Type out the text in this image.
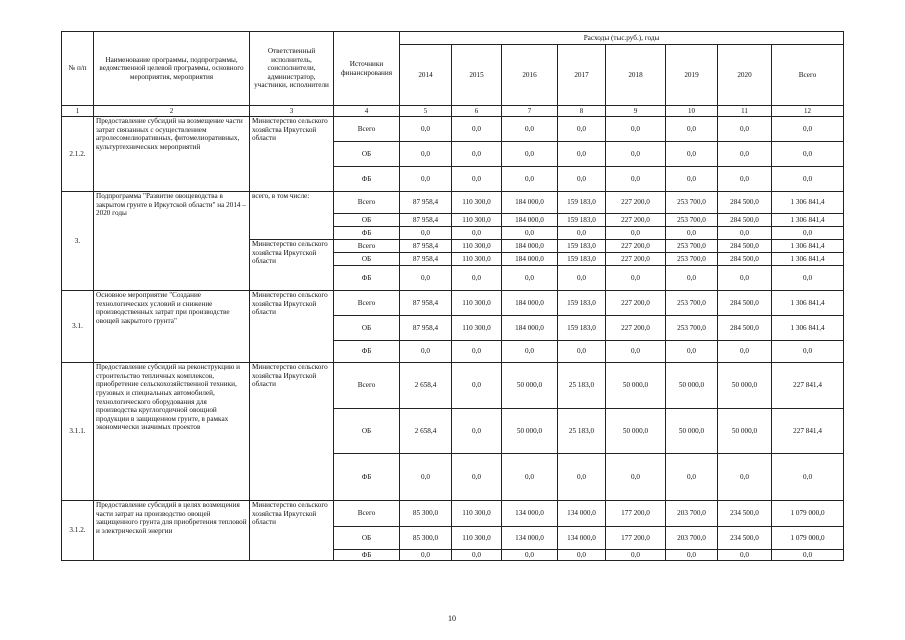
№ п/п	Наименование программы, подпрограммы, ведомственной целевой программы, основного мероприятия, мероприятия	Ответственный исполнитель, соисполнители, администратор, участники, исполнители	Источники финансирования	Расходы (тыс.руб.), годы							
				2014	2015	2016	2017	2018	2019	2020	Всего
1	2	3	4	5	6	7	8	9	10	11	12
2.1.2.	Предоставление субсидий на возмещение части затрат связанных с осуществлением агролесомелиоративных, фитомелиоративных, культуртехнических мероприятий	Министерство сельского хозяйства Иркутской области	Всего	0,0	0,0	0,0	0,0	0,0	0,0	0,0	0,0
			ОБ	0,0	0,0	0,0	0,0	0,0	0,0	0,0	0,0
			ФБ	0,0	0,0	0,0	0,0	0,0	0,0	0,0	0,0
3.	Подпрограмма "Развитие овощеводства в закрытом грунте в Иркутской области" на 2014 – 2020 годы	всего, в том числе:	Всего	87 958,4	110 300,0	184 000,0	159 183,0	227 200,0	253 700,0	284 500,0	1 306 841,4
			ОБ	87 958,4	110 300,0	184 000,0	159 183,0	227 200,0	253 700,0	284 500,0	1 306 841,4
			ФБ	0,0	0,0	0,0	0,0	0,0	0,0	0,0	0,0
		Министерство сельского хозяйства Иркутской области	Всего	87 958,4	110 300,0	184 000,0	159 183,0	227 200,0	253 700,0	284 500,0	1 306 841,4
			ОБ	87 958,4	110 300,0	184 000,0	159 183,0	227 200,0	253 700,0	284 500,0	1 306 841,4
			ФБ	0,0	0,0	0,0	0,0	0,0	0,0	0,0	0,0
3.1.	Основное мероприятие "Создание технологических условий и снижение производственных затрат при производстве овощей закрытого грунта"	Министерство сельского хозяйства Иркутской области	Всего	87 958,4	110 300,0	184 000,0	159 183,0	227 200,0	253 700,0	284 500,0	1 306 841,4
			ОБ	87 958,4	110 300,0	184 000,0	159 183,0	227 200,0	253 700,0	284 500,0	1 306 841,4
			ФБ	0,0	0,0	0,0	0,0	0,0	0,0	0,0	0,0
3.1.1.	Предоставление субсидий на реконструкцию и строительство тепличных комплексов, приобретение сельскохозяйственной техники, грузовых и специальных автомобилей, технологического оборудования для производства круглогодичной овощной продукции в защищенном грунте, в рамках экономически значимых проектов	Министерство сельского хозяйства Иркутской области	Всего	2 658,4	0,0	50 000,0	25 183,0	50 000,0	50 000,0	50 000,0	227 841,4
			ОБ	2 658,4	0,0	50 000,0	25 183,0	50 000,0	50 000,0	50 000,0	227 841,4
			ФБ	0,0	0,0	0,0	0,0	0,0	0,0	0,0	0,0
3.1.2.	Предоставление субсидий в целях возмещения части затрат на производство овощей защищенного грунта для приобретения тепловой и электрической энергии	Министерство сельского хозяйства Иркутской области	Всего	85 300,0	110 300,0	134 000,0	134 000,0	177 200,0	203 700,0	234 500,0	1 079 000,0
			ОБ	85 300,0	110 300,0	134 000,0	134 000,0	177 200,0	203 700,0	234 500,0	1 079 000,0
			ФБ	0,0	0,0	0,0	0,0	0,0	0,0	0,0	0,0
10
